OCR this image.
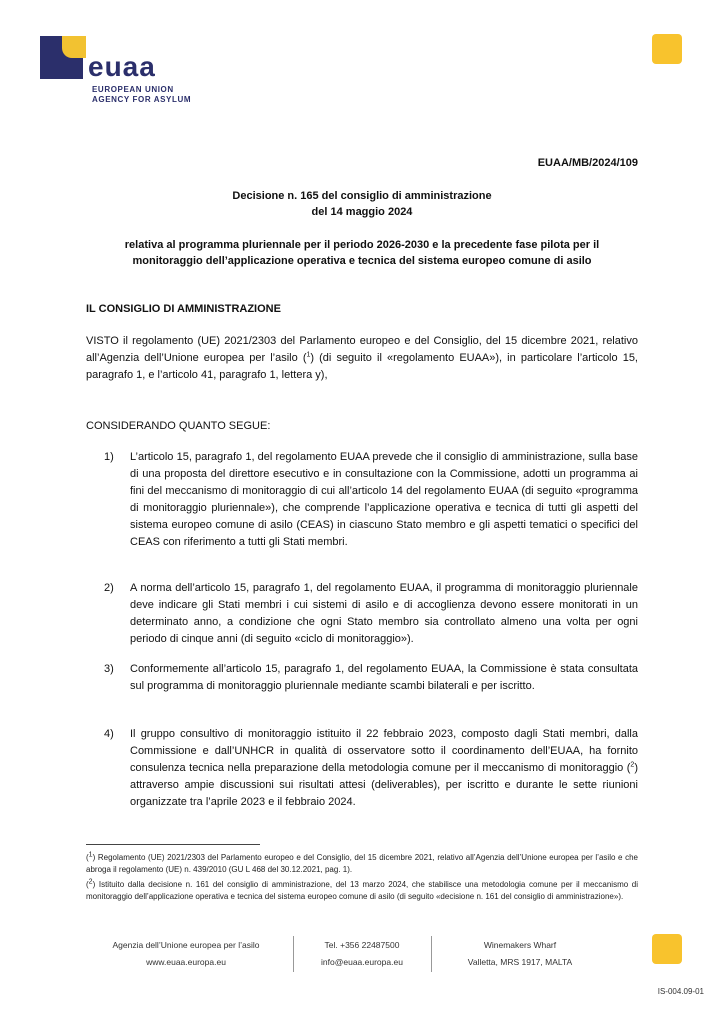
euaa
EUROPEAN UNION
AGENCY FOR ASYLUM
EUAA/MB/2024/109
Decisione n. 165 del consiglio di amministrazione
del 14 maggio 2024
relativa al programma pluriennale per il periodo 2026-2030 e la precedente fase pilota per il
monitoraggio dell’applicazione operativa e tecnica del sistema europeo comune di asilo
IL CONSIGLIO DI AMMINISTRAZIONE
VISTO il regolamento (UE) 2021/2303 del Parlamento europeo e del Consiglio, del 15 dicembre 2021, relativo all’Agenzia dell’Unione europea per l’asilo ($^1$) (di seguito il «regolamento EUAA»), in particolare l’articolo 15, paragrafo 1, e l’articolo 41, paragrafo 1, lettera y),
CONSIDERANDO QUANTO SEGUE:
1)	L’articolo 15, paragrafo 1, del regolamento EUAA prevede che il consiglio di amministrazione, sulla base di una proposta del direttore esecutivo e in consultazione con la Commissione, adotti un programma ai fini del meccanismo di monitoraggio di cui all’articolo 14 del regolamento EUAA (di seguito «programma di monitoraggio pluriennale»), che comprende l’applicazione operativa e tecnica di tutti gli aspetti del sistema europeo comune di asilo (CEAS) in ciascuno Stato membro e gli aspetti tematici o specifici del CEAS con riferimento a tutti gli Stati membri.
2)	A norma dell’articolo 15, paragrafo 1, del regolamento EUAA, il programma di monitoraggio pluriennale deve indicare gli Stati membri i cui sistemi di asilo e di accoglienza devono essere monitorati in un determinato anno, a condizione che ogni Stato membro sia controllato almeno una volta per ogni periodo di cinque anni (di seguito «ciclo di monitoraggio»).
3)	Conformemente all’articolo 15, paragrafo 1, del regolamento EUAA, la Commissione è stata consultata sul programma di monitoraggio pluriennale mediante scambi bilaterali e per iscritto.
4)	Il gruppo consultivo di monitoraggio istituito il 22 febbraio 2023, composto dagli Stati membri, dalla Commissione e dall’UNHCR in qualità di osservatore sotto il coordinamento dell’EUAA, ha fornito consulenza tecnica nella preparazione della metodologia comune per il meccanismo di monitoraggio ($^2$) attraverso ampie discussioni sui risultati attesi (deliverables), per iscritto e durante le sette riunioni organizzate tra l’aprile 2023 e il febbraio 2024.
($^1$) Regolamento (UE) 2021/2303 del Parlamento europeo e del Consiglio, del 15 dicembre 2021, relativo all’Agenzia dell’Unione europea per l’asilo e che abroga il regolamento (UE) n. 439/2010 (GU L 468 del 30.12.2021, pag. 1).
($^2$) Istituito dalla decisione n. 161 del consiglio di amministrazione, del 13 marzo 2024, che stabilisce una metodologia comune per il meccanismo di monitoraggio dell’applicazione operativa e tecnica del sistema europeo comune di asilo (di seguito «decisione n. 161 del consiglio di amministrazione»).
Agenzia dell’Unione europea per l’asilo
www.euaa.europa.eu
Tel. +356 22487500
info@euaa.europa.eu
Winemakers Wharf
Valletta, MRS 1917, MALTA
IS-004.09-01
